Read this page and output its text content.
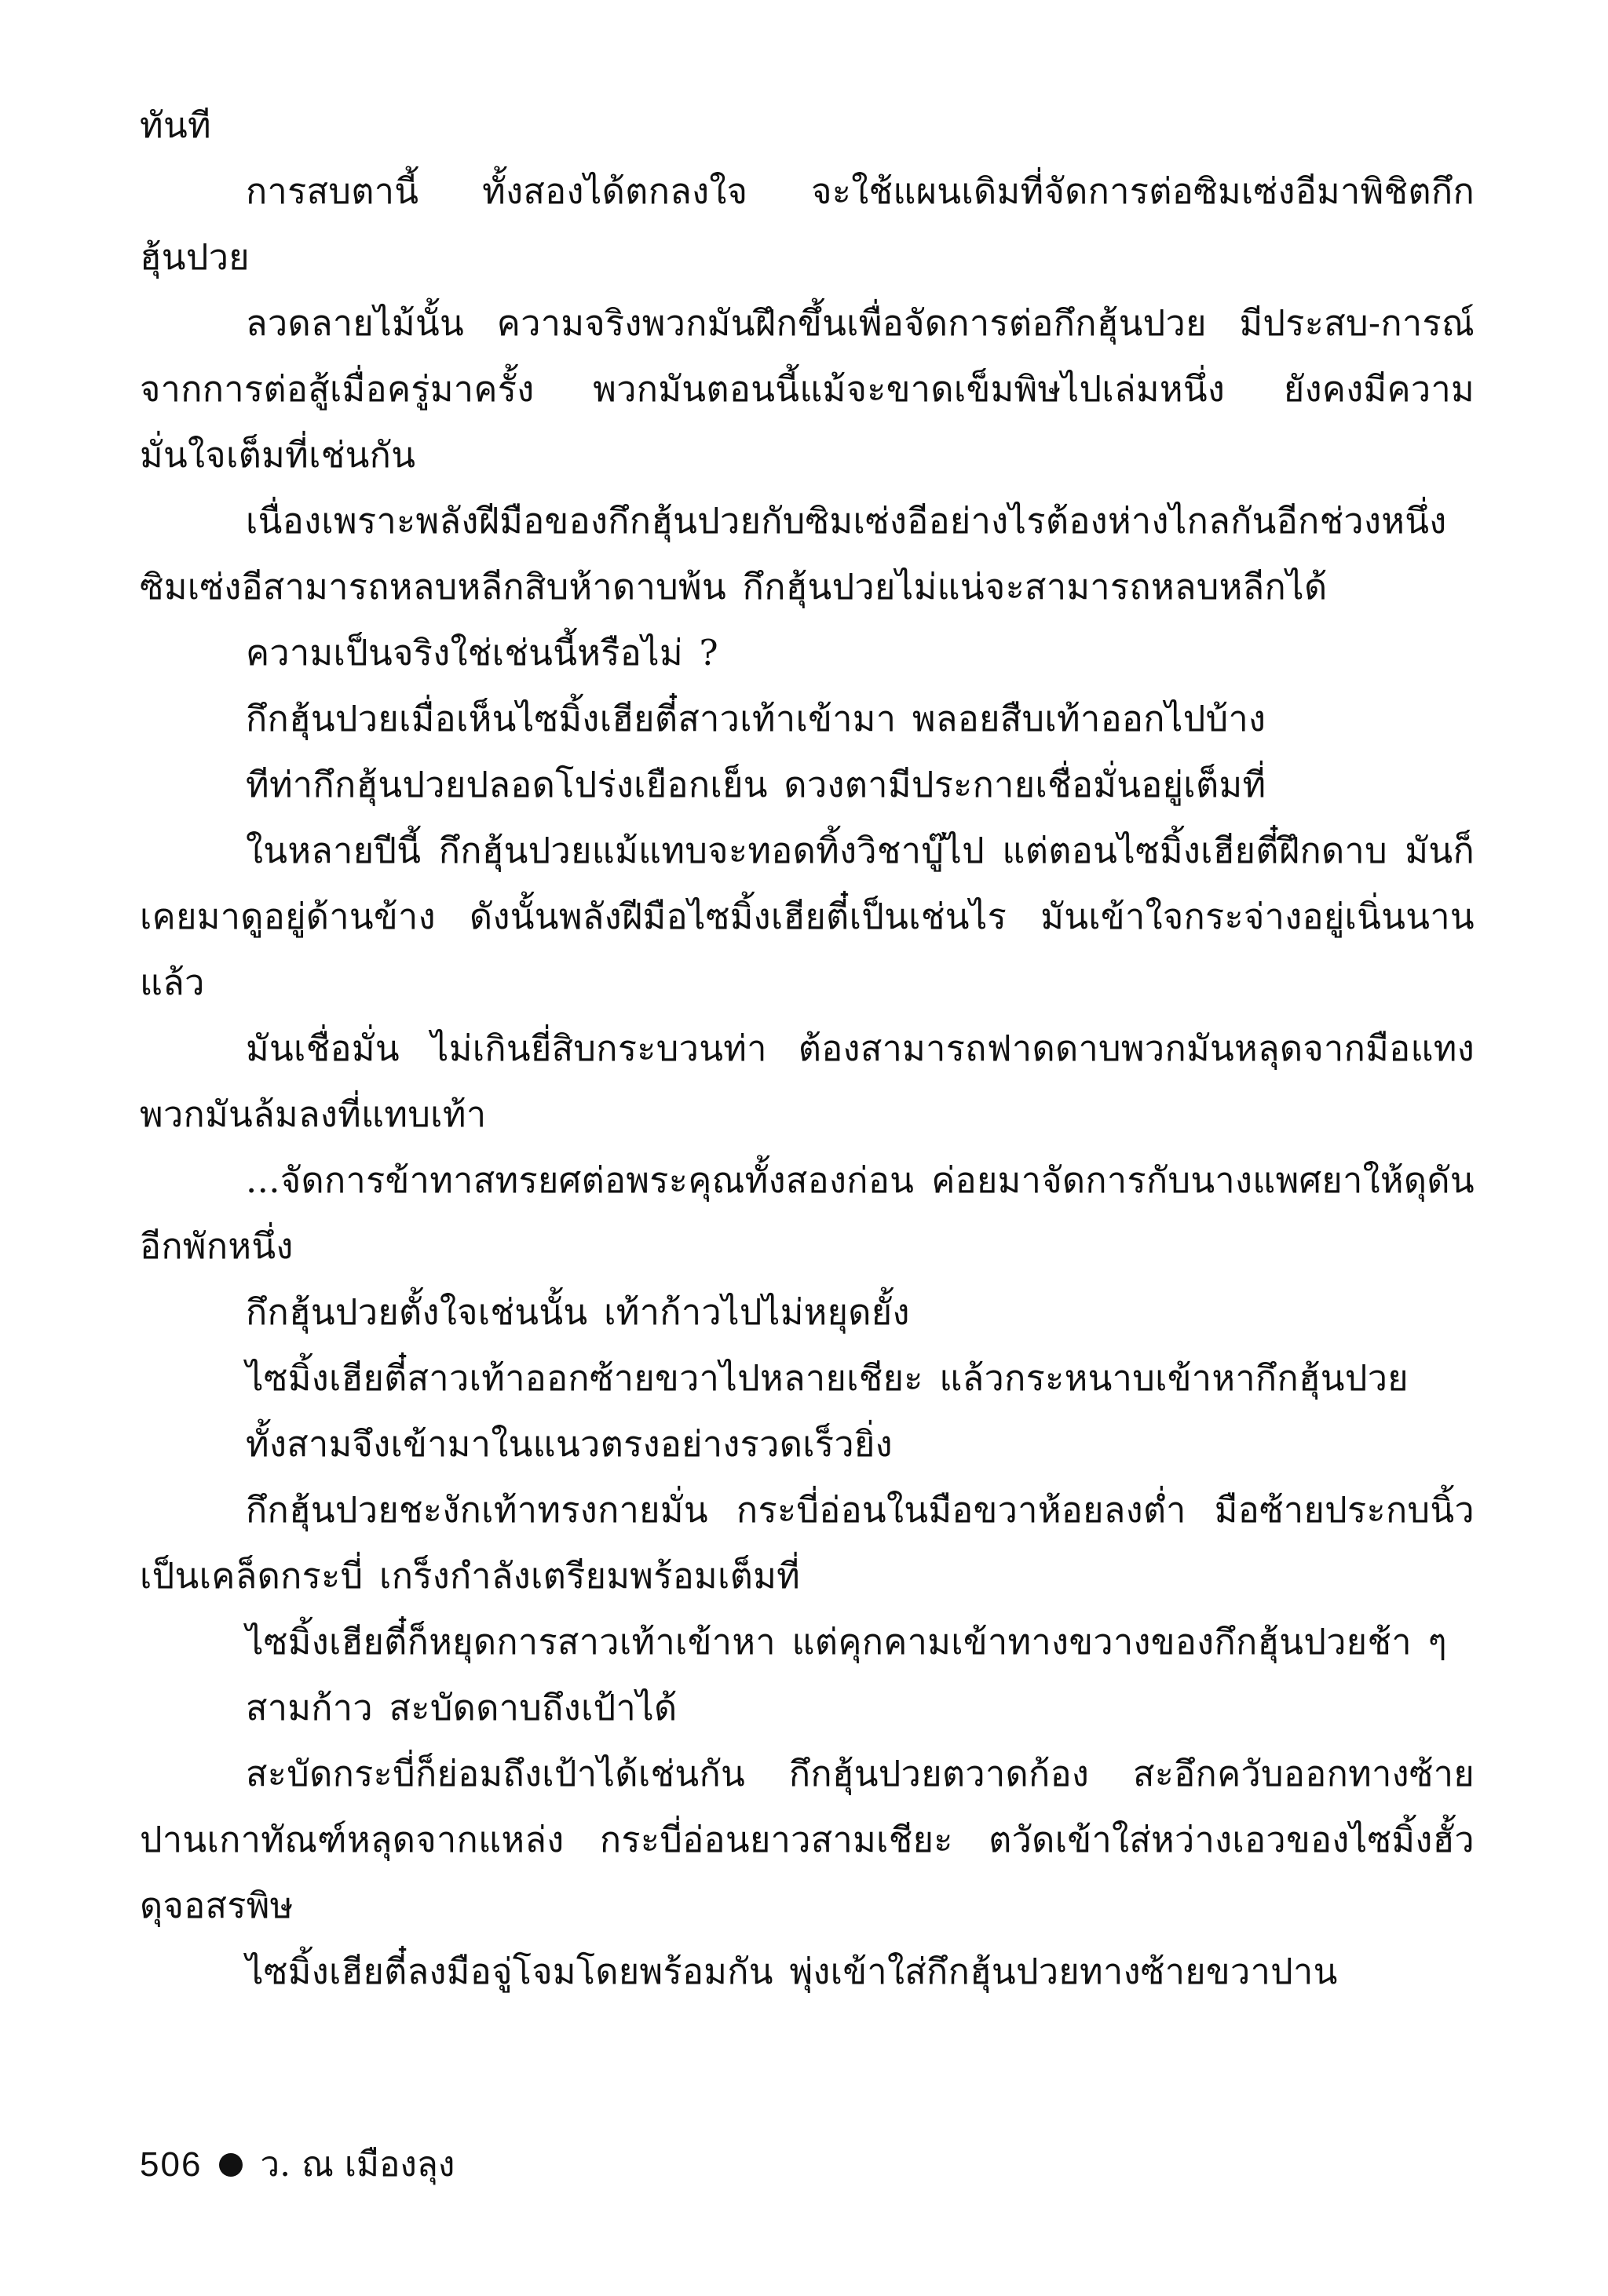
ทันที

การสบตานี้ ทั้งสองได้ตกลงใจ จะใช้แผนเดิมที่จัดการต่อซิมเซ่งอีมาพิชิตกึกฮุ้นปวย

ลวดลายไม้นั้น ความจริงพวกมันฝึกขึ้นเพื่อจัดการต่อกึกฮุ้นปวย มีประสบ-การณ์จากการต่อสู้เมื่อครู่มาครั้ง พวกมันตอนนี้แม้จะขาดเข็มพิษไปเล่มหนึ่ง ยังคงมีความมั่นใจเต็มที่เช่นกัน

เนื่องเพราะพลังฝีมือของกึกฮุ้นปวยกับซิมเซ่งอีอย่างไรต้องห่างไกลกันอีกช่วงหนึ่ง ซิมเซ่งอีสามารถหลบหลีกสิบห้าดาบพ้น กึกฮุ้นปวยไม่แน่จะสามารถหลบหลีกได้

ความเป็นจริงใช่เช่นนี้หรือไม่ ?

กึกฮุ้นปวยเมื่อเห็นไซมิ้งเฮียตี๋สาวเท้าเข้ามา พลอยสืบเท้าออกไปบ้าง

ทีท่ากึกฮุ้นปวยปลอดโปร่งเยือกเย็น ดวงตามีประกายเชื่อมั่นอยู่เต็มที่

ในหลายปีนี้ กึกฮุ้นปวยแม้แทบจะทอดทิ้งวิชาบู๊ไป แต่ตอนไซมิ้งเฮียตี๋ฝึกดาบ มันก็เคยมาดูอยู่ด้านข้าง ดังนั้นพลังฝีมือไซมิ้งเฮียตี๋เป็นเช่นไร มันเข้าใจกระจ่างอยู่เนิ่นนานแล้ว

มันเชื่อมั่น ไม่เกินยี่สิบกระบวนท่า ต้องสามารถฟาดดาบพวกมันหลุดจากมือแทงพวกมันล้มลงที่แทบเท้า

...จัดการข้าทาสทรยศต่อพระคุณทั้งสองก่อน ค่อยมาจัดการกับนางแพศยาให้ดุดันอีกพักหนึ่ง

กึกฮุ้นปวยตั้งใจเช่นนั้น เท้าก้าวไปไม่หยุดยั้ง

ไซมิ้งเฮียตี๋สาวเท้าออกซ้ายขวาไปหลายเชียะ แล้วกระหนาบเข้าหากึกฮุ้นปวย

ทั้งสามจึงเข้ามาในแนวตรงอย่างรวดเร็วยิ่ง

กึกฮุ้นปวยชะงักเท้าทรงกายมั่น กระบี่อ่อนในมือขวาห้อยลงต่ำ มือซ้ายประกบนิ้วเป็นเคล็ดกระบี่ เกร็งกำลังเตรียมพร้อมเต็มที่

ไซมิ้งเฮียตี๋ก็หยุดการสาวเท้าเข้าหา แต่คุกคามเข้าทางขวางของกึกฮุ้นปวยช้า ๆ

สามก้าว สะบัดดาบถึงเป้าได้

สะบัดกระบี่ก็ย่อมถึงเป้าได้เช่นกัน กึกฮุ้นปวยตวาดก้อง สะอึกควับออกทางซ้ายปานเกาทัณฑ์หลุดจากแหล่ง กระบี่อ่อนยาวสามเชียะ ตวัดเข้าใส่หว่างเอวของไซมิ้งฮั้วดุจอสรพิษ

ไซมิ้งเฮียตี๋ลงมือจู่โจมโดยพร้อมกัน พุ่งเข้าใส่กึกฮุ้นปวยทางซ้ายขวาปาน

506 ว. ณ เมืองลุง
